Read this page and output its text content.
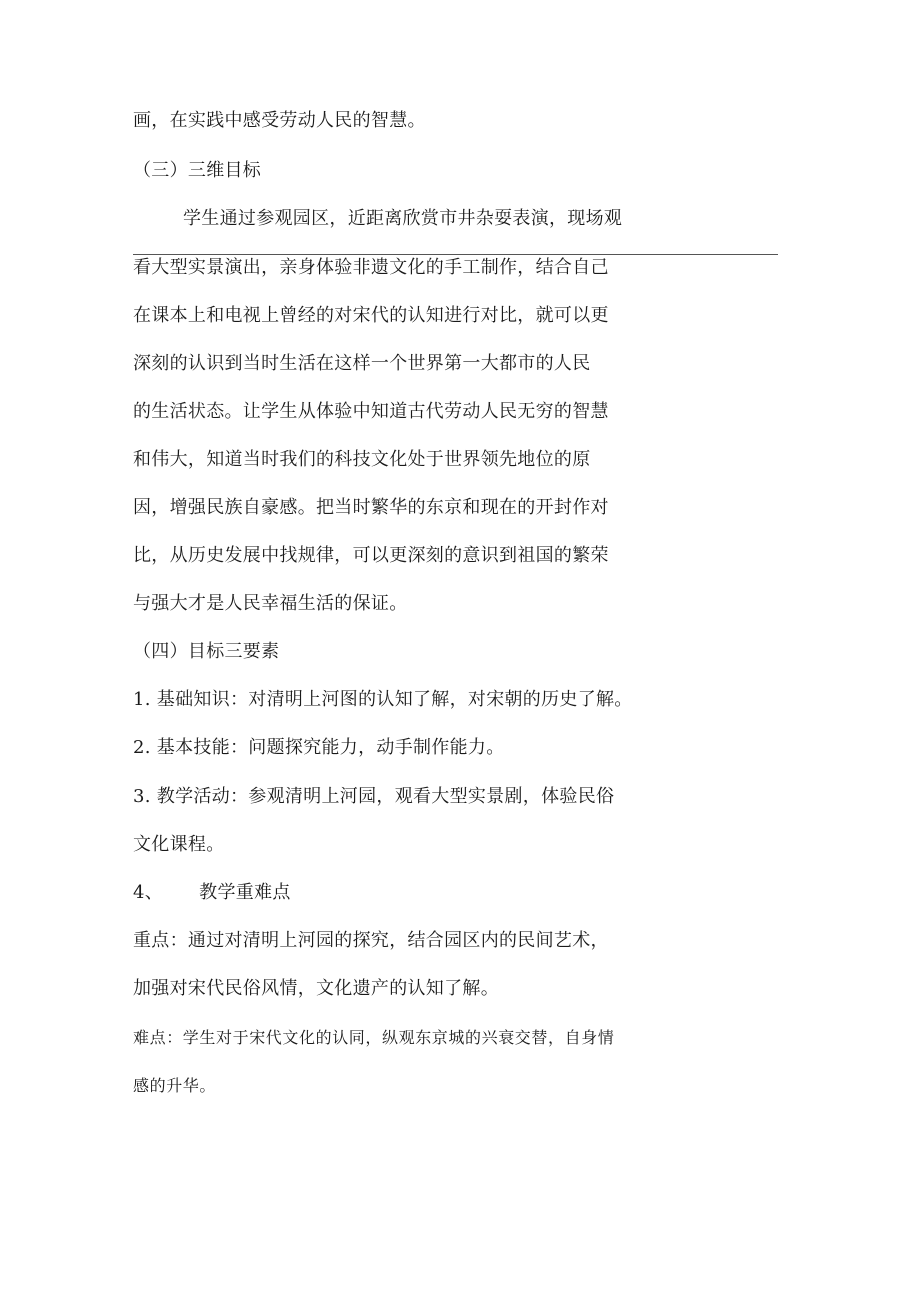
画，在实践中感受劳动人民的智慧。
（三）三维目标
学生通过参观园区，近距离欣赏市井杂耍表演，现场观
看大型实景演出，亲身体验非遗文化的手工制作，结合自己
在课本上和电视上曾经的对宋代的认知进行对比，就可以更
深刻的认识到当时生活在这样一个世界第一大都市的人民
的生活状态。让学生从体验中知道古代劳动人民无穷的智慧
和伟大，知道当时我们的科技文化处于世界领先地位的原
因，增强民族自豪感。把当时繁华的东京和现在的开封作对
比，从历史发展中找规律，可以更深刻的意识到祖国的繁荣
与强大才是人民幸福生活的保证。
（四）目标三要素
1. 基础知识：对清明上河图的认知了解，对宋朝的历史了解。
2. 基本技能：问题探究能力，动手制作能力。
3. 教学活动：参观清明上河园，观看大型实景剧，体验民俗
文化课程。
4、      教学重难点
重点：通过对清明上河园的探究，结合园区内的民间艺术，
加强对宋代民俗风情，文化遗产的认知了解。
难点：学生对于宋代文化的认同，纵观东京城的兴衰交替，自身情
感的升华。
